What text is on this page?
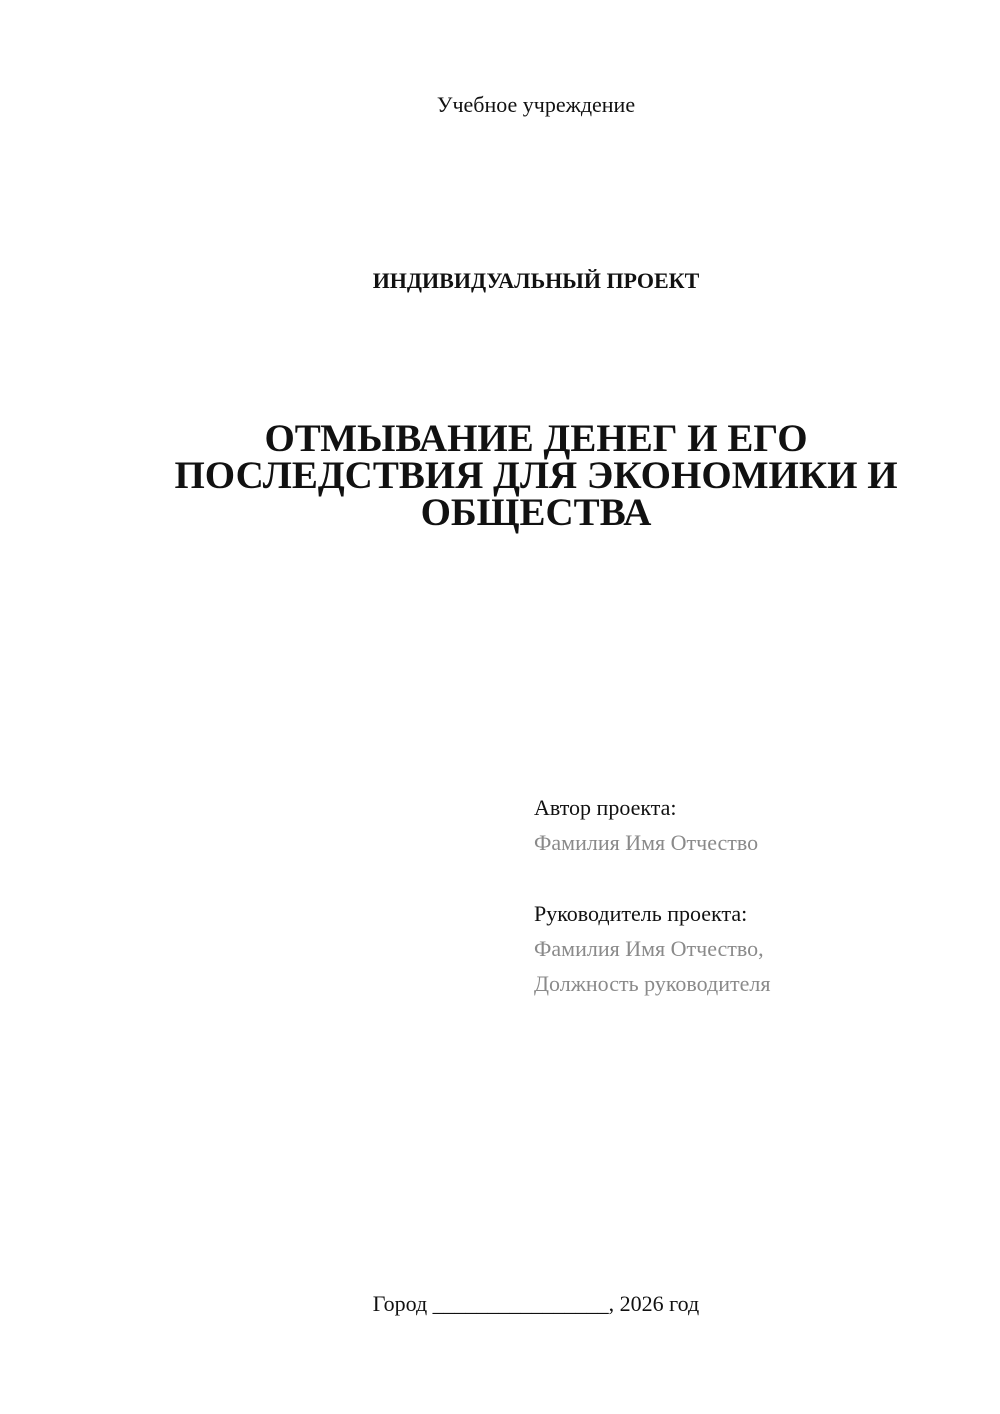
Учебное учреждение
ИНДИВИДУАЛЬНЫЙ ПРОЕКТ
ОТМЫВАНИЕ ДЕНЕГ И ЕГО
ПОСЛЕДСТВИЯ ДЛЯ ЭКОНОМИКИ И
ОБЩЕСТВА
Автор проекта:
Фамилия Имя Отчество
Руководитель проекта:
Фамилия Имя Отчество,
Должность руководителя
Город ________________, 2026 год
